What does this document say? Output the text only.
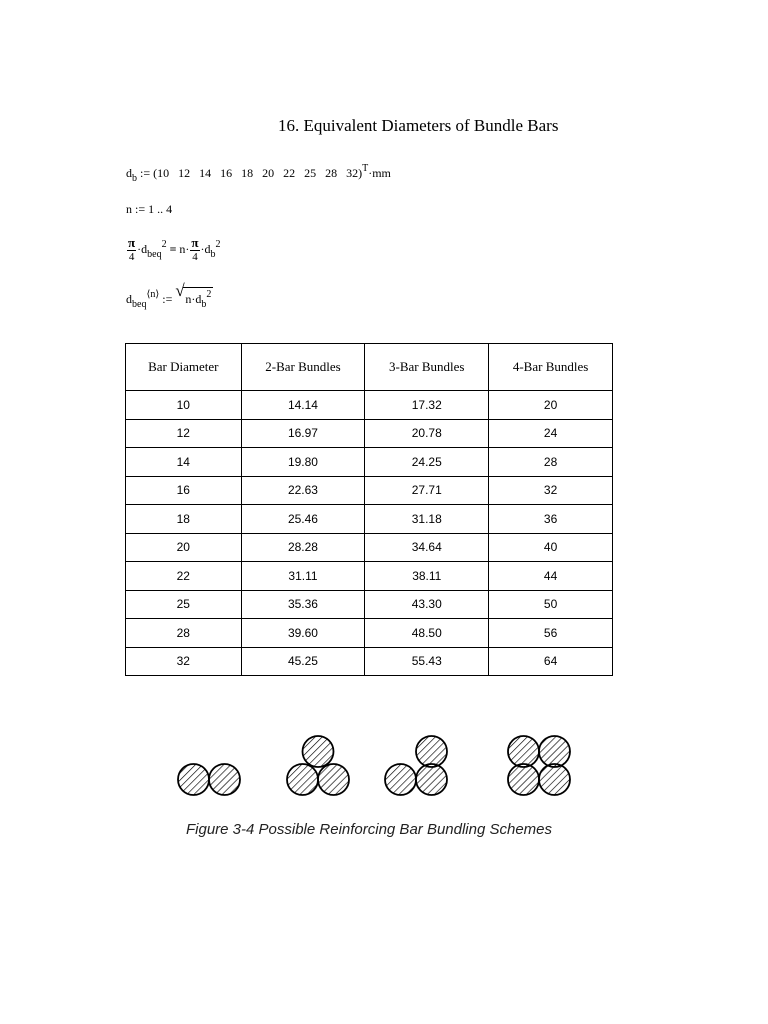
16. Equivalent Diameters of Bundle Bars
$d_b$ := (10   12   14   16   18   20   22   25   28   32)$^T$·mm
n := 1 .. 4
$\frac{\pi}{4} \cdot d_{beq}^2 = n\cdot \frac{\pi}{4} \cdot d_b^2$
$d_{beq}^{⟨n⟩}$ := √ $n\cdot d_b^2$
Bar Diameter	2-Bar Bundles	3-Bar Bundles	4-Bar Bundles
10	14.14	17.32	20
12	16.97	20.78	24
14	19.80	24.25	28
16	22.63	27.71	32
18	25.46	31.18	36
20	28.28	34.64	40
22	31.11	38.11	44
25	35.36	43.30	50
28	39.60	48.50	56
32	45.25	55.43	64
Figure 3-4 Possible Reinforcing Bar Bundling Schemes
